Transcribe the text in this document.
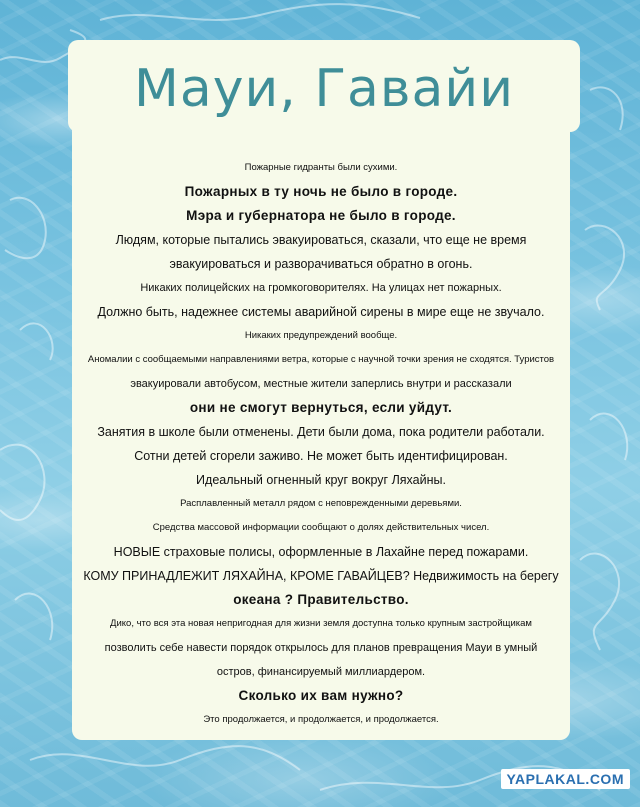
Мауи, Гавайи

Пожарные гидранты были сухими.

Пожарных в ту ночь не было в городе.

Мэра и губернатора не было в городе.

Людям, которые пытались эвакуироваться, сказали, что еще не время

эвакуироваться и разворачиваться обратно в огонь.

Никаких полицейских на громкоговорителях. На улицах нет пожарных.

Должно быть, надежнее системы аварийной сирены в мире еще не звучало.

Никаких предупреждений вообще.

Аномалии с сообщаемыми направлениями ветра, которые с научной точки зрения не сходятся. Туристов

эвакуировали автобусом, местные жители заперлись внутри и рассказали

они не смогут вернуться, если уйдут.

Занятия в школе были отменены. Дети были дома, пока родители работали.

Сотни детей сгорели заживо. Не может быть идентифицирован.

Идеальный огненный круг вокруг Ляхайны.

Расплавленный металл рядом с неповрежденными деревьями.

Средства массовой информации сообщают о долях действительных чисел.

НОВЫЕ страховые полисы, оформленные в Лахайне перед пожарами.

КОМУ ПРИНАДЛЕЖИТ ЛЯХАЙНА, КРОМЕ ГАВАЙЦЕВ? Недвижимость на берегу

океана ? Правительство.

Дико, что вся эта новая непригодная для жизни земля доступна только крупным застройщикам

позволить себе навести порядок открылось для планов превращения Мауи в умный

остров, финансируемый миллиардером.

Сколько их вам нужно?

Это продолжается, и продолжается, и продолжается.

YAPLAKAL.COM
